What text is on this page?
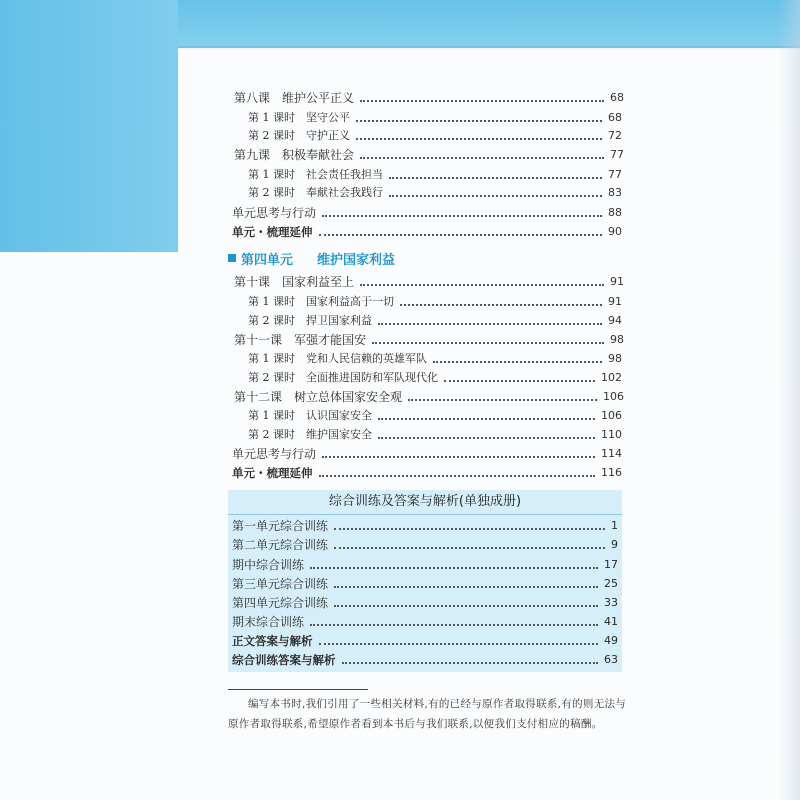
第八课　维护公平正义	68
第 1 课时　坚守公平	68
第 2 课时　守护正义	72
第九课　积极奉献社会	77
第 1 课时　社会责任我担当	77
第 2 课时　奉献社会我践行	83
单元思考与行动	88
单元・梳理延伸	90
第四单元 维护国家利益
第十课　国家利益至上	91
第 1 课时　国家利益高于一切	91
第 2 课时　捍卫国家利益	94
第十一课　军强才能国安	98
第 1 课时　党和人民信赖的英雄军队	98
第 2 课时　全面推进国防和军队现代化	102
第十二课　树立总体国家安全观	106
第 1 课时　认识国家安全	106
第 2 课时　维护国家安全	110
单元思考与行动	114
单元・梳理延伸	116
综合训练及答案与解析(单独成册)
第一单元综合训练	1
第二单元综合训练	9
期中综合训练	17
第三单元综合训练	25
第四单元综合训练	33
期末综合训练	41
正文答案与解析	49
综合训练答案与解析	63
编写本书时,我们引用了一些相关材料,有的已经与原作者取得联系,有的则无法与原作者取得联系,希望原作者看到本书后与我们联系,以便我们支付相应的稿酬。
